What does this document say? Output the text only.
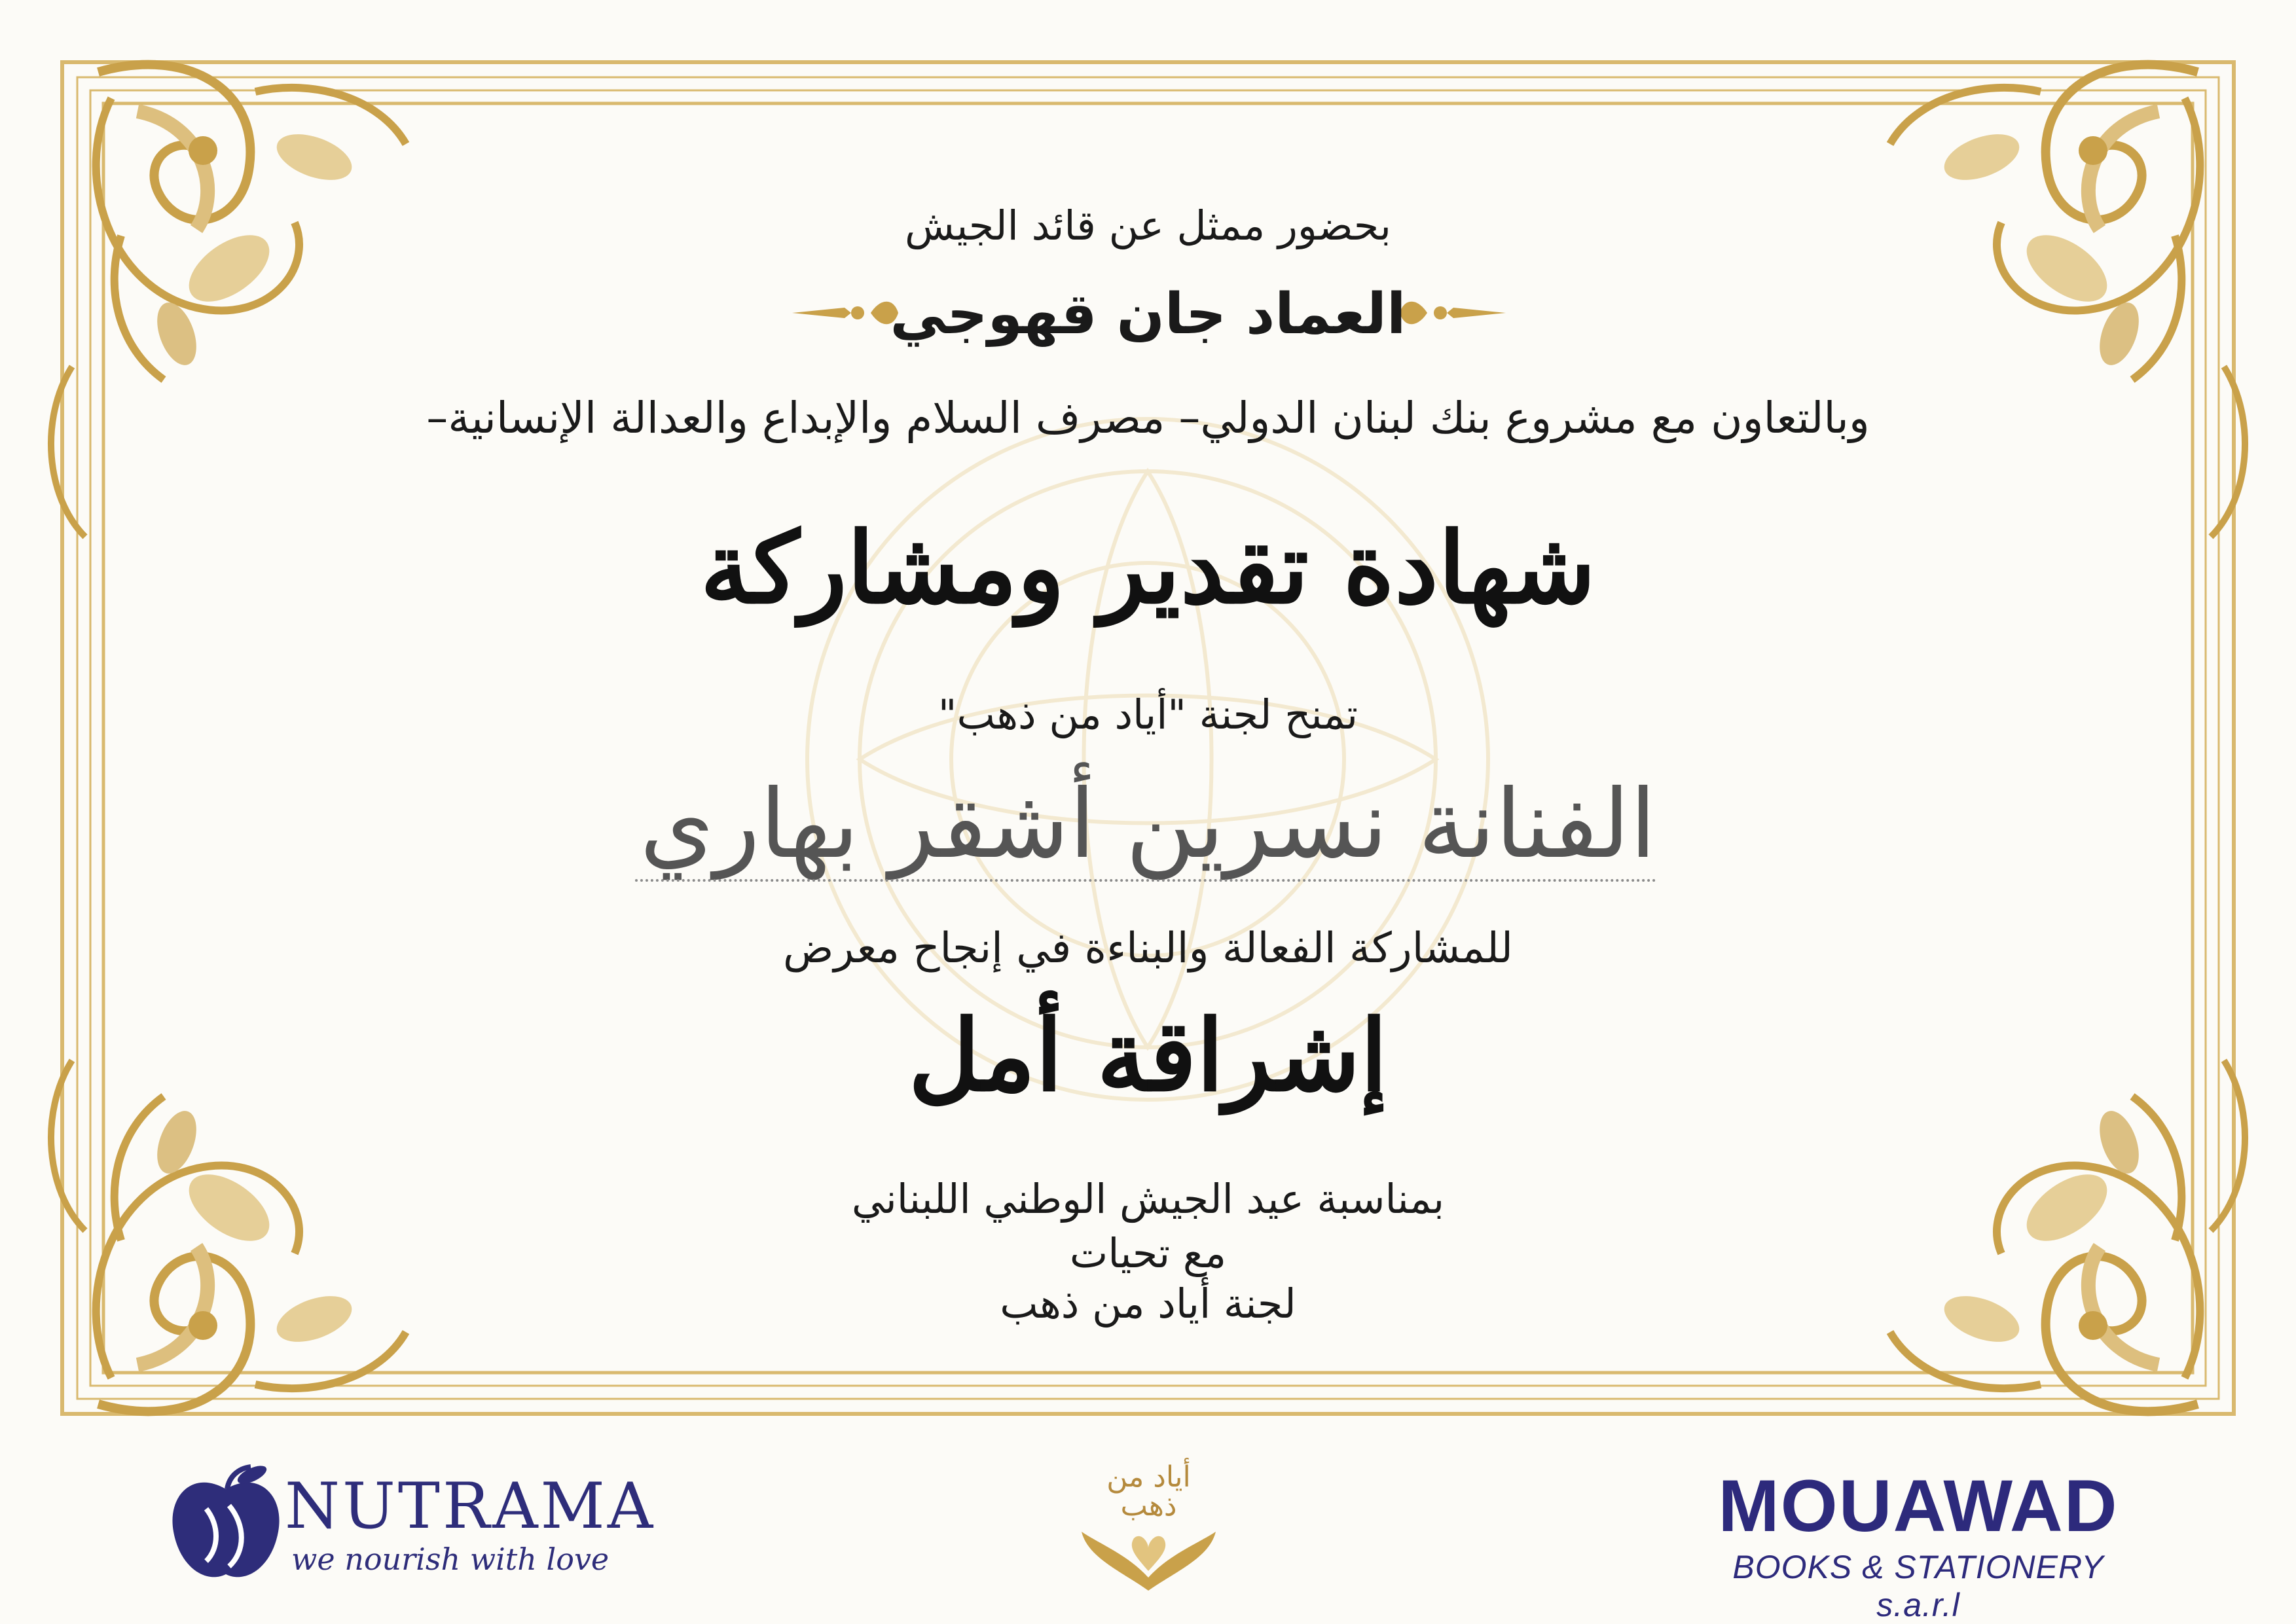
بحضور ممثل عن قائد الجيش
العماد جان قهوجي
وبالتعاون مع مشروع بنك لبنان الدولي– مصرف السلام والإبداع والعدالة الإنسانية–
شهادة تقدير ومشاركة
تمنح لجنة "أياد من ذهب"
الفنانة نسرين أشقر بهاري
للمشاركة الفعالة والبناءة في إنجاح معرض
إشراقة أمل
بمناسبة عيد الجيش الوطني اللبناني
مع تحيات
لجنة أياد من ذهب
NUTRAMA
we nourish with love
أياد من
ذهب	MOUAWAD
BOOKS & STATIONERY s.a.r.l
